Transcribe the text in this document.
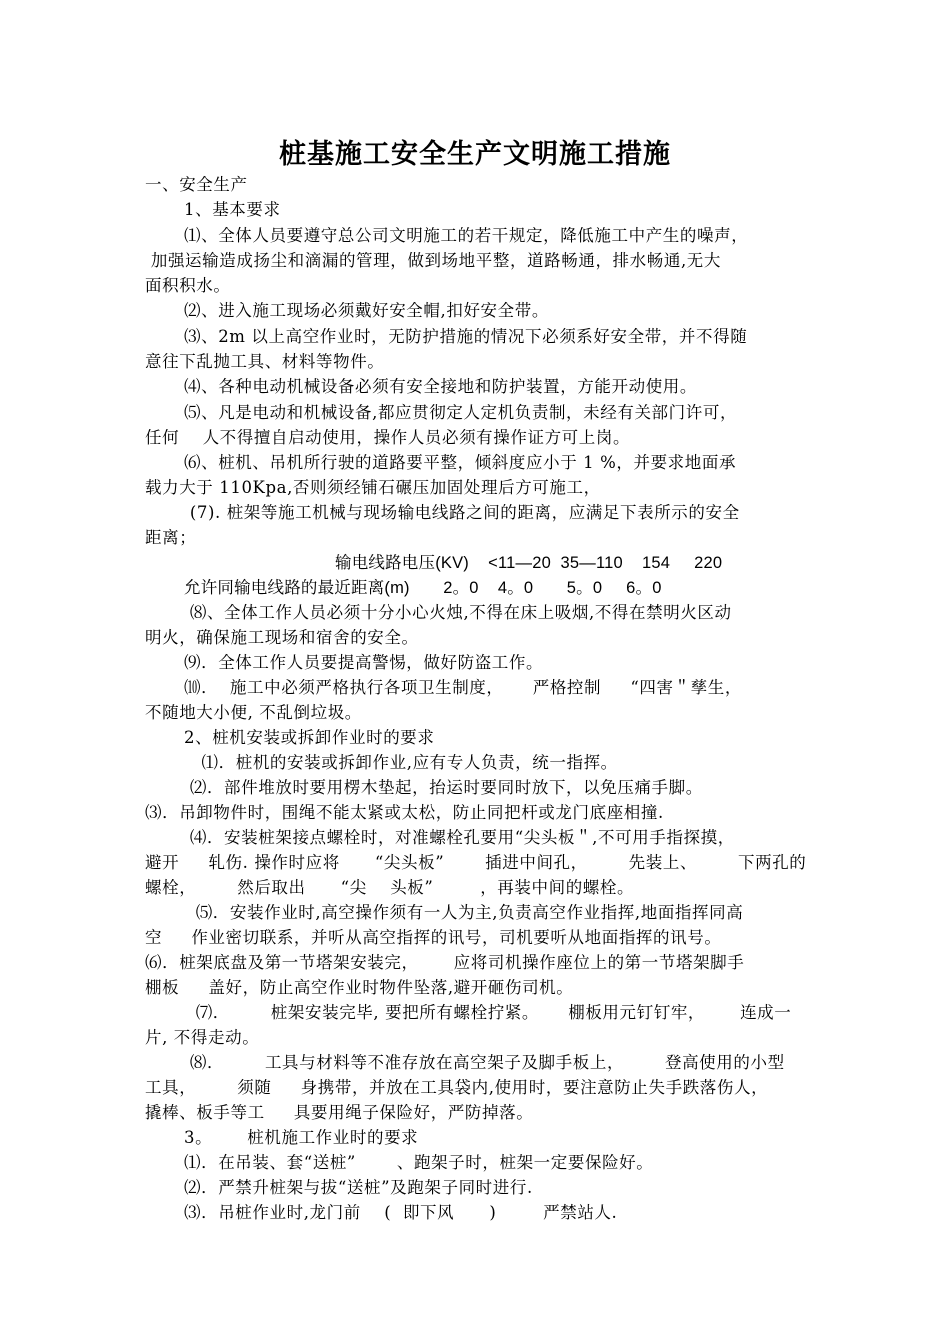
桩基施工安全生产文明施工措施
一、安全生产
1、基本要求
⑴、全体人员要遵守总公司文明施工的若干规定，降低施工中产生的噪声，
加强运输造成扬尘和滴漏的管理，做到场地平整，道路畅通，排水畅通,无大
面积积水。
⑵、进入施工现场必须戴好安全帽,扣好安全带。
⑶、2m 以上高空作业时，无防护措施的情况下必须系好安全带，并不得随
意往下乱抛工具、材料等物件。
⑷、各种电动机械设备必须有安全接地和防护装置，方能开动使用。
⑸、凡是电动和机械设备,都应贯彻定人定机负责制，未经有关部门许可，
任何    人不得擅自启动使用，操作人员必须有操作证方可上岗。
⑹、桩机、吊机所行驶的道路要平整，倾斜度应小于 1 %，并要求地面承
载力大于 110Kpa,否则须经铺石碾压加固处理后方可施工，
(7). 桩架等施工机械与现场输电线路之间的距离，应满足下表所示的安全
距离；
输电线路电压(KV)    <11—20  35—110    154     220
允许同输电线路的最近距离(m)       2。0    4。0       5。0     6。0
⑻、全体工作人员必须十分小心火烛,不得在床上吸烟,不得在禁明火区动
明火，确保施工现场和宿舍的安全。
⑼．全体工作人员要提高警惕，做好防盗工作。
⑽．  施工中必须严格执行各项卫生制度，     严格控制     “四害＂孳生，
不随地大小便, 不乱倒垃圾。
2、桩机安装或拆卸作业时的要求
⑴．桩机的安装或拆卸作业,应有专人负责，统一指挥。
⑵．部件堆放时要用楞木垫起，抬运时要同时放下，以免压痛手脚。
⑶．吊卸物件时，围绳不能太紧或太松，防止同把杆或龙门底座相撞.
⑷．安装桩架接点螺栓时，对准螺栓孔要用“尖头板＂,不可用手指探摸，
避开     轧伤. 操作时应将      “尖头板”       插进中间孔，       先装上、       下两孔的
螺栓，       然后取出      “尖    头板”        ，再装中间的螺栓。
⑸．安装作业时,高空操作须有一人为主,负责高空作业指挥,地面指挥同高
空     作业密切联系，并听从高空指挥的讯号，司机要听从地面指挥的讯号。
⑹．桩架底盘及第一节塔架安装完，      应将司机操作座位上的第一节塔架脚手
棚板     盖好，防止高空作业时物件坠落,避开砸伤司机。
⑺．       桩架安装完毕, 要把所有螺栓拧紧。     棚板用元钉钉牢，      连成一
片, 不得走动。
⑻．       工具与材料等不准存放在高空架子及脚手板上，       登高使用的小型
工具，       须随     身携带，并放在工具袋内,使用时，要注意防止失手跌落伤人，
撬棒、板手等工     具要用绳子保险好，严防掉落。
3。      桩机施工作业时的要求
⑴．在吊装、套“送桩”       、跑架子时，桩架一定要保险好。
⑵．严禁升桩架与拔“送桩”及跑架子同时进行.
⑶．吊桩作业时,龙门前    (  即下风      )        严禁站人.
